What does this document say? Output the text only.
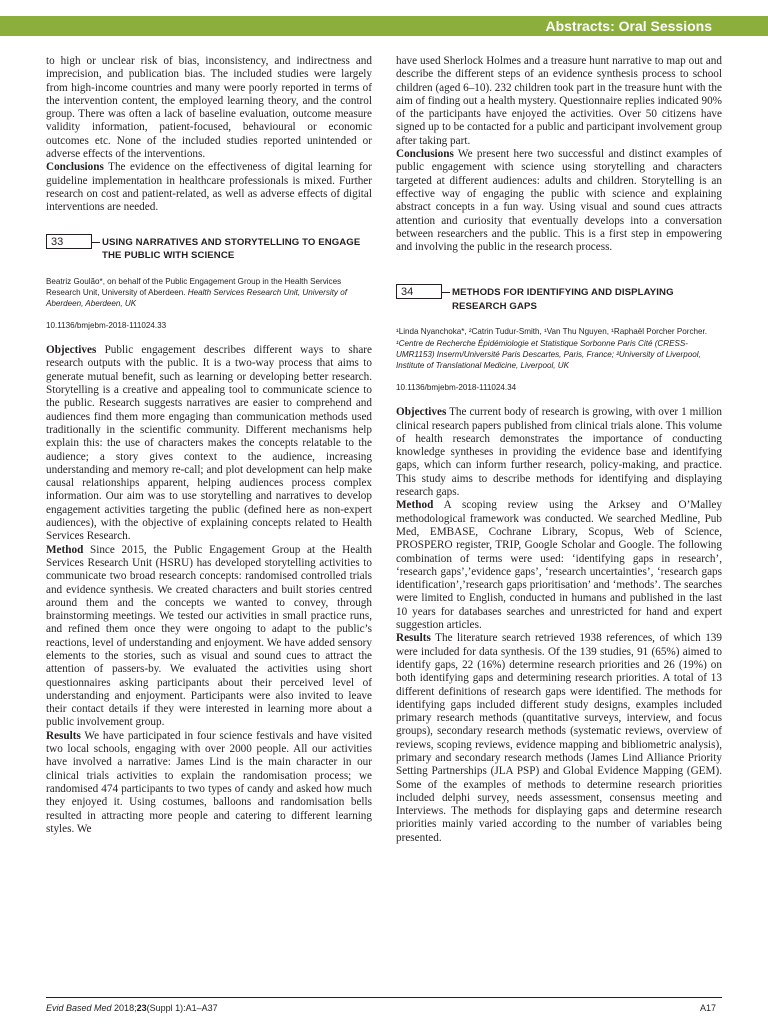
Abstracts: Oral Sessions

to high or unclear risk of bias, inconsistency, and indirectness and imprecision, and publication bias. The included studies were largely from high-income countries and many were poorly reported in terms of the intervention content, the employed learning theory, and the control group. There was often a lack of baseline evaluation, outcome measure validity information, patient-focused, behavioural or economic outcomes etc. None of the included studies reported unintended or adverse effects of the interventions.

Conclusions The evidence on the effectiveness of digital learning for guideline implementation in healthcare professionals is mixed. Further research on cost and patient-related, as well as adverse effects of digital interventions are needed.

33	USING NARRATIVES AND STORYTELLING TO ENGAGE THE PUBLIC WITH SCIENCE

Beatriz Goulão*, on behalf of the Public Engagement Group in the Health Services Research Unit, University of Aberdeen. Health Services Research Unit, University of Aberdeen, Aberdeen, UK

10.1136/bmjebm-2018-111024.33

Objectives Public engagement describes different ways to share research outputs with the public. It is a two-way process that aims to generate mutual benefit, such as learning or developing better research. Storytelling is a creative and appealing tool to communicate science to the public. Research suggests narratives are easier to comprehend and audiences find them more engaging than communication methods used traditionally in the scientific community. Different mechanisms help explain this: the use of characters makes the concepts relatable to the audience; a story gives context to the audience, increasing understanding and memory re-call; and plot development can help make causal relationships apparent, helping audiences process complex information. Our aim was to use storytelling and narratives to develop engagement activities targeting the public (defined here as non-expert audiences), with the objective of explaining concepts related to Health Services Research.

Method Since 2015, the Public Engagement Group at the Health Services Research Unit (HSRU) has developed storytelling activities to communicate two broad research concepts: randomised controlled trials and evidence synthesis. We created characters and built stories centred around them and the concepts we wanted to convey, through brainstorming meetings. We tested our activities in small practice runs, and refined them once they were ongoing to adapt to the public’s reactions, level of understanding and enjoyment. We have added sensory elements to the stories, such as visual and sound cues to attract the attention of passers-by. We evaluated the activities using short questionnaires asking participants about their perceived level of understanding and enjoyment. Participants were also invited to leave their contact details if they were interested in learning more about a public involvement group.

Results We have participated in four science festivals and have visited two local schools, engaging with over 2000 people. All our activities have involved a narrative: James Lind is the main character in our clinical trials activities to explain the randomisation process; we randomised 474 participants to two types of candy and asked how much they enjoyed it. Using costumes, balloons and randomisation bells resulted in attracting more people and catering to different learning styles. We

have used Sherlock Holmes and a treasure hunt narrative to map out and describe the different steps of an evidence synthesis process to school children (aged 6–10). 232 children took part in the treasure hunt with the aim of finding out a health mystery. Questionnaire replies indicated 90% of the participants have enjoyed the activities. Over 50 citizens have signed up to be contacted for a public and participant involvement group after taking part.

Conclusions We present here two successful and distinct examples of public engagement with science using storytelling and characters targeted at different audiences: adults and children. Storytelling is an effective way of engaging the public with science and explaining abstract concepts in a fun way. Using visual and sound cues attracts attention and curiosity that eventually develops into a conversation between researchers and the public. This is a first step in empowering and involving the public in the research process.

34	METHODS FOR IDENTIFYING AND DISPLAYING RESEARCH GAPS

¹Linda Nyanchoka*, ²Catrin Tudur-Smith, ¹Van Thu Nguyen, ¹Raphaël Porcher Porcher. ¹Centre de Recherche Épidémiologie et Statistique Sorbonne Paris Cité (CRESS-UMR1153) Inserm/Université Paris Descartes, Paris, France; ²University of Liverpool, Institute of Translational Medicine, Liverpool, UK

10.1136/bmjebm-2018-111024.34

Objectives The current body of research is growing, with over 1 million clinical research papers published from clinical trials alone. This volume of health research demonstrates the importance of conducting knowledge syntheses in providing the evidence base and identifying gaps, which can inform further research, policy-making, and practice. This study aims to describe methods for identifying and displaying research gaps.

Method A scoping review using the Arksey and O’Malley methodological framework was conducted. We searched Medline, Pub Med, EMBASE, Cochrane Library, Scopus, Web of Science, PROSPERO register, TRIP, Google Scholar and Google. The following combination of terms were used: ‘identifying gaps in research’, ‘research gaps’,’evidence gaps’, ‘research uncertainties’, ‘research gaps identification’,’research gaps prioritisation’ and ‘methods’. The searches were limited to English, conducted in humans and published in the last 10 years for databases searches and unrestricted for hand and expert suggestion articles.

Results The literature search retrieved 1938 references, of which 139 were included for data synthesis. Of the 139 studies, 91 (65%) aimed to identify gaps, 22 (16%) determine research priorities and 26 (19%) on both identifying gaps and determining research priorities. A total of 13 different definitions of research gaps were identified. The methods for identifying gaps included different study designs, examples included primary research methods (quantitative surveys, interview, and focus groups), secondary research methods (systematic reviews, overview of reviews, scoping reviews, evidence mapping and bibliometric analysis), primary and secondary research methods (James Lind Alliance Priority Setting Partnerships (JLA PSP) and Global Evidence Mapping (GEM). Some of the examples of methods to determine research priorities included delphi survey, needs assessment, consensus meeting and Interviews. The methods for displaying gaps and determine research priorities mainly varied according to the number of variables being presented.

Evid Based Med 2018;23(Suppl 1):A1–A37	A17
